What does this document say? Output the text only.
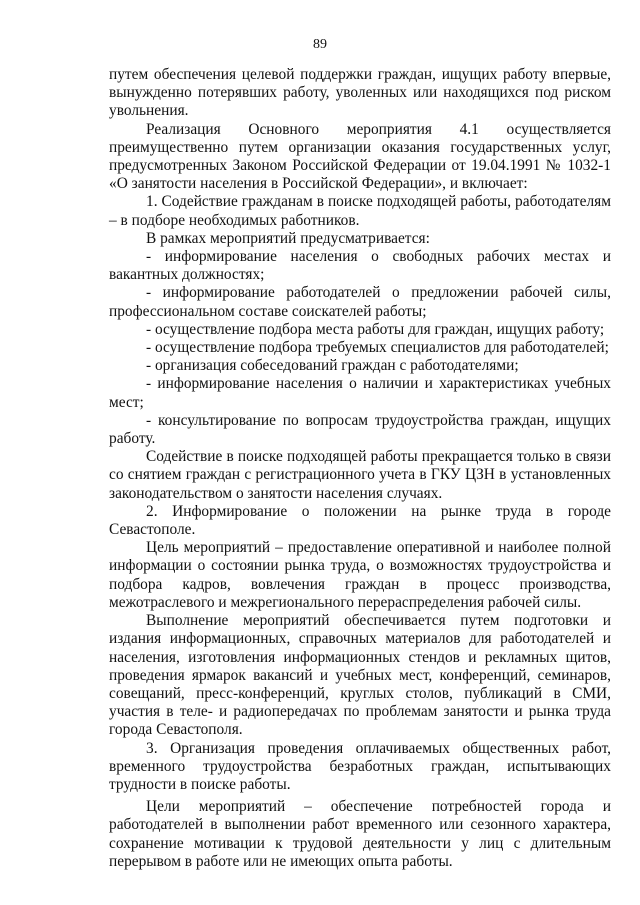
89

путем обеспечения целевой поддержки граждан, ищущих работу впервые, вынужденно потерявших работу, уволенных или находящихся под риском увольнения.

Реализация Основного мероприятия 4.1 осуществляется преимущественно путем организации оказания государственных услуг, предусмотренных Законом Российской Федерации от 19.04.1991 № 1032-1 «О занятости населения в Российской Федерации», и включает:

1. Содействие гражданам в поиске подходящей работы, работодателям – в подборе необходимых работников.

В рамках мероприятий предусматривается:

- информирование населения о свободных рабочих местах и вакантных должностях;

- информирование работодателей о предложении рабочей силы, профессиональном составе соискателей работы;

- осуществление подбора места работы для граждан, ищущих работу;

- осуществление подбора требуемых специалистов для работодателей;

- организация собеседований граждан с работодателями;

- информирование населения о наличии и характеристиках учебных мест;

- консультирование по вопросам трудоустройства граждан, ищущих работу.

Содействие в поиске подходящей работы прекращается только в связи со снятием граждан с регистрационного учета в ГКУ ЦЗН в установленных законодательством о занятости населения случаях.

2. Информирование о положении на рынке труда в городе Севастополе.

Цель мероприятий – предоставление оперативной и наиболее полной информации о состоянии рынка труда, о возможностях трудоустройства и подбора кадров, вовлечения граждан в процесс производства, межотраслевого и межрегионального перераспределения рабочей силы.

Выполнение мероприятий обеспечивается путем подготовки и издания информационных, справочных материалов для работодателей и населения, изготовления информационных стендов и рекламных щитов, проведения ярмарок вакансий и учебных мест, конференций, семинаров, совещаний, пресс-конференций, круглых столов, публикаций в СМИ, участия в теле- и радиопередачах по проблемам занятости и рынка труда города Севастополя.

3. Организация проведения оплачиваемых общественных работ, временного трудоустройства безработных граждан, испытывающих трудности в поиске работы.

Цели мероприятий – обеспечение потребностей города и работодателей в выполнении работ временного или сезонного характера, сохранение мотивации к трудовой деятельности у лиц с длительным перерывом в работе или не имеющих опыта работы.
